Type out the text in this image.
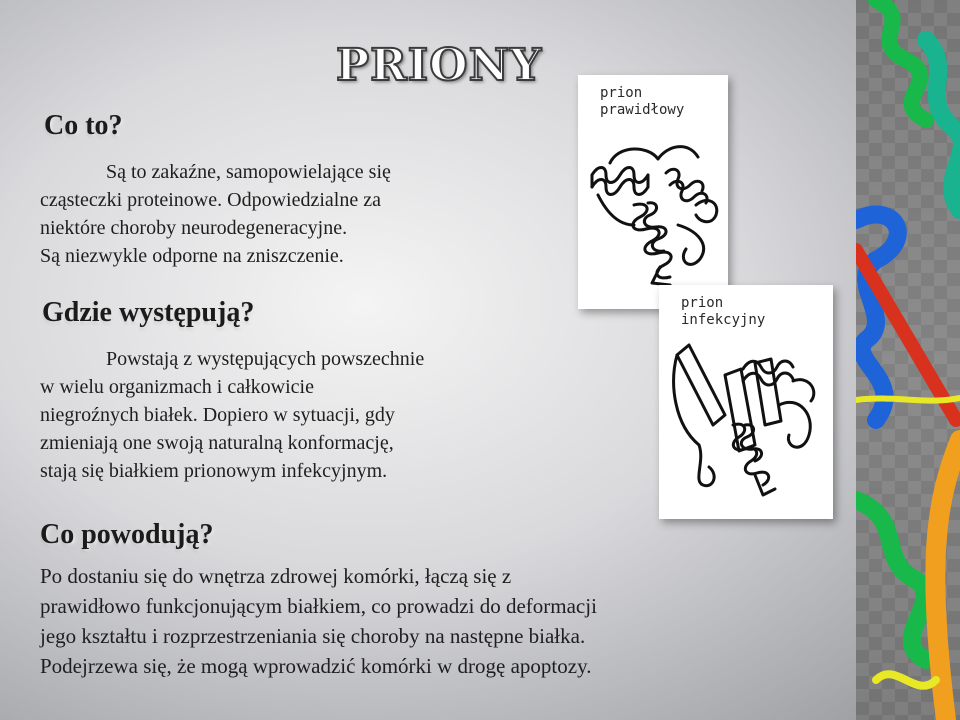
PRIONY
Co to?

Są to zakaźne, samopowielające się
cząsteczki proteinowe. Odpowiedzialne za
niektóre choroby neurodegeneracyjne.
Są niezwykle odporne na zniszczenie.

Gdzie występują?

Powstają z występujących powszechnie
w wielu organizmach i całkowicie
niegroźnych białek. Dopiero w sytuacji, gdy
zmieniają one swoją naturalną konformację,
stają się białkiem prionowym infekcyjnym.

Co powodują?

Po dostaniu się do wnętrza zdrowej komórki, łączą się z
prawidłowo funkcjonującym białkiem, co prowadzi do deformacji
jego kształtu i rozprzestrzeniania się choroby na następne białka.
Podejrzewa się, że mogą wprowadzić komórki w drogę apoptozy.

prion
prawidłowy

prion
infekcyjny
